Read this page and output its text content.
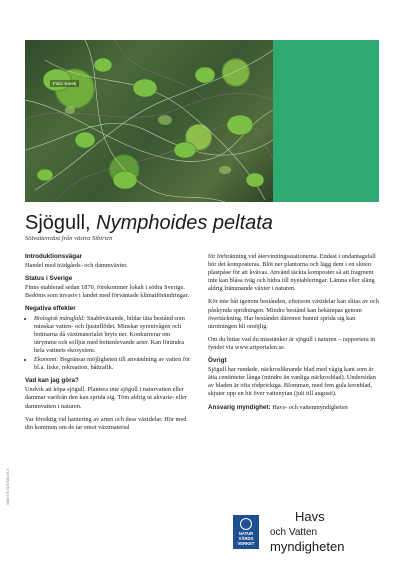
Foto: Karelj
Sjögull, Nymphoides peltata
Sötvattenväxt från västra Sibirien
Introduktionsvägar
Handel med trädgårds- och dammväxter.
Status i Sverige
Finns etablerad sedan 1870, förekommer lokalt i södra Sverige. Bedöms som invasiv i landet med förväntade klimatförändringar.
Negativa effekter
• Biologisk mångfald: Snabbväxande, bildar täta bestånd som minskar vatten- och ljusinflödet. Minskar syrenivågen och bottnarna då växtmaterialet bryts ner. Konkurrerar om utrymme och solljus med bottenlevande arter. Kan förändra hela vattnets ekosystem.
• Ekonomi: Begränsar möjligheten till användning av vatten för bl.a. fiske, rekreation, båttrafik.
Vad kan jag göra?
Undvik att köpa sjögull. Plantera inte sjögull i naturvatten eller dammar varifrån den kan sprida sig. Töm aldrig ut akvarie- eller dammvatten i naturen.
Var försiktig vid hantering av arten och dess växtdelar. Hör med din kommun om de tar emot växtmaterial
för förbränning vid återvinningsstationerna. Endast i undantagsfall bör det komposteras. Blöt ner plantorna och lägg dem i en sluten plastpåse för att kvävas. Använd täckta komposter så att fragment inte kan blåsa iväg och bidra till nyetableringar. Lämna eller släng aldrig främmande växter i naturen.
Kör inte båt igenom bestånden, eftersom växtdelar kan slitas av och påskynda spridningen. Mindre bestånd kan bekämpas genom övertäckning. Har beståndet däremot hunnit sprida sig kan utrotningen bli omöjlig.
Om du hittar vad du misstänker är sjögull i naturen – rapportera in fyndet via www.artportalen.se.
Övrigt
Sjögull har rundade, näckrosliknande blad med vågig kant som är ätta centimeter långa (mindre än vanliga näckrosblad). Undersidan av bladen är ofta rödprickiga. Blomman, med fem gula kronblad, skjuter upp en bit över vattenytan (juli till augusti).
Ansvarig myndighet: Havs- och vattenmyndigheten
ISBN 978-91-87025-XX-X
NATUR VÅRDS VERKET
Havs
och Vatten
myndigheten
